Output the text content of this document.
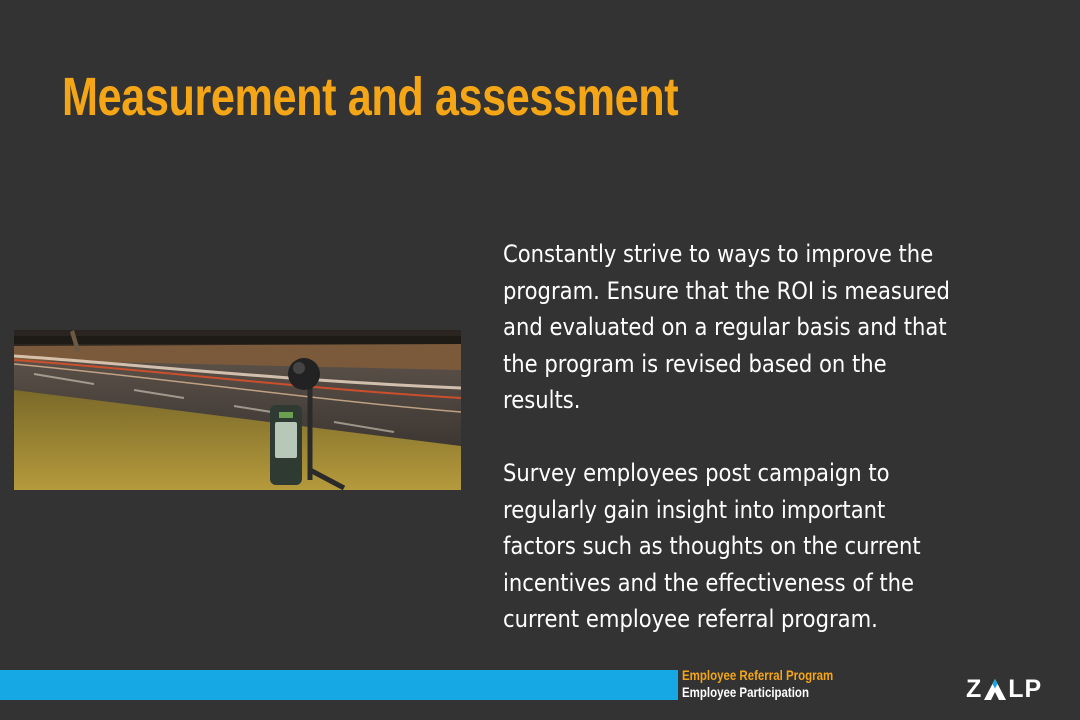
Measurement and assessment

Constantly strive to ways to improve the program. Ensure that the ROI is measured and evaluated on a regular basis and that the program is revised based on the results.

Survey employees post campaign to regularly gain insight into important factors such as thoughts on the current incentives and the effectiveness of the current employee referral program.

Employee Referral Program
Employee Participation	Z LP
